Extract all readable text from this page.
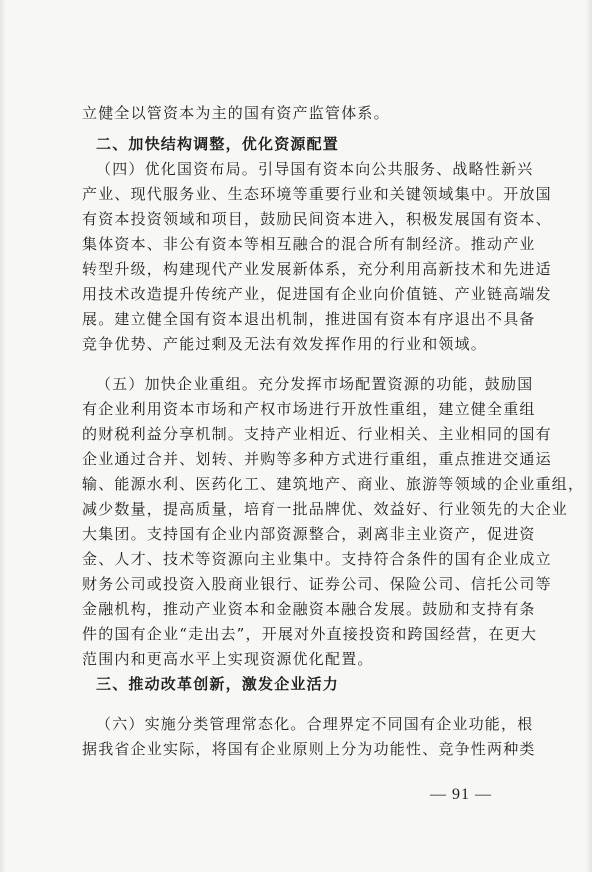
立健全以管资本为主的国有资产监管体系。
二、加快结构调整，优化资源配置
（四）优化国资布局。引导国有资本向公共服务、战略性新兴
产业、现代服务业、生态环境等重要行业和关键领域集中。开放国
有资本投资领域和项目，鼓励民间资本进入，积极发展国有资本、
集体资本、非公有资本等相互融合的混合所有制经济。推动产业
转型升级，构建现代产业发展新体系，充分利用高新技术和先进适
用技术改造提升传统产业，促进国有企业向价值链、产业链高端发
展。建立健全国有资本退出机制，推进国有资本有序退出不具备
竞争优势、产能过剩及无法有效发挥作用的行业和领域。
（五）加快企业重组。充分发挥市场配置资源的功能，鼓励国
有企业利用资本市场和产权市场进行开放性重组，建立健全重组
的财税利益分享机制。支持产业相近、行业相关、主业相同的国有
企业通过合并、划转、并购等多种方式进行重组，重点推进交通运
输、能源水利、医药化工、建筑地产、商业、旅游等领域的企业重组，
减少数量，提高质量，培育一批品牌优、效益好、行业领先的大企业
大集团。支持国有企业内部资源整合，剥离非主业资产，促进资
金、人才、技术等资源向主业集中。支持符合条件的国有企业成立
财务公司或投资入股商业银行、证券公司、保险公司、信托公司等
金融机构，推动产业资本和金融资本融合发展。鼓励和支持有条
件的国有企业“走出去”，开展对外直接投资和跨国经营，在更大
范围内和更高水平上实现资源优化配置。
三、推动改革创新，激发企业活力
（六）实施分类管理常态化。合理界定不同国有企业功能，根
据我省企业实际，将国有企业原则上分为功能性、竞争性两种类
— 91 —
